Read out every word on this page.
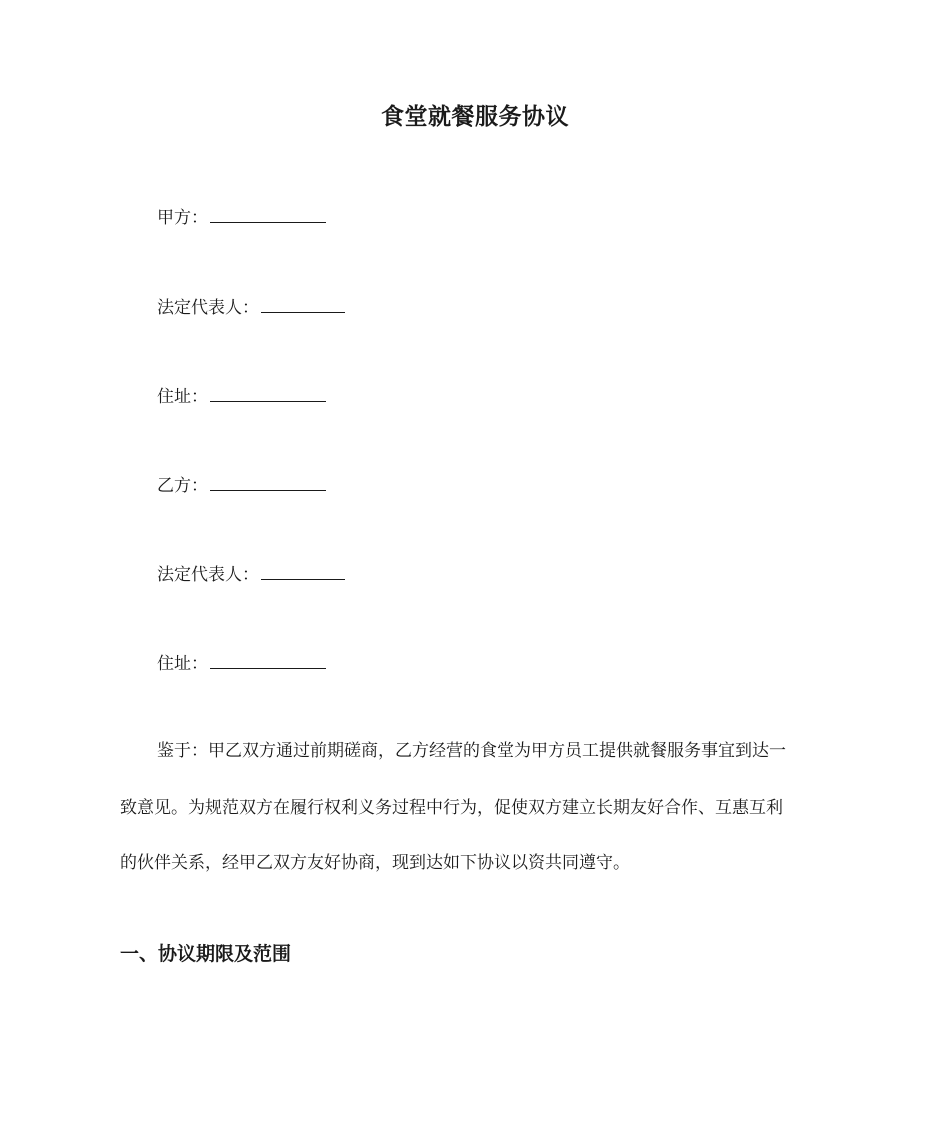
食堂就餐服务协议
甲方：
法定代表人：
住址：
乙方：
法定代表人：
住址：
鉴于：甲乙双方通过前期磋商，乙方经营的食堂为甲方员工提供就餐服务事宜到达一
致意见。为规范双方在履行权利义务过程中行为，促使双方建立长期友好合作、互惠互利
的伙伴关系，经甲乙双方友好协商，现到达如下协议以资共同遵守。
一、协议期限及范围
